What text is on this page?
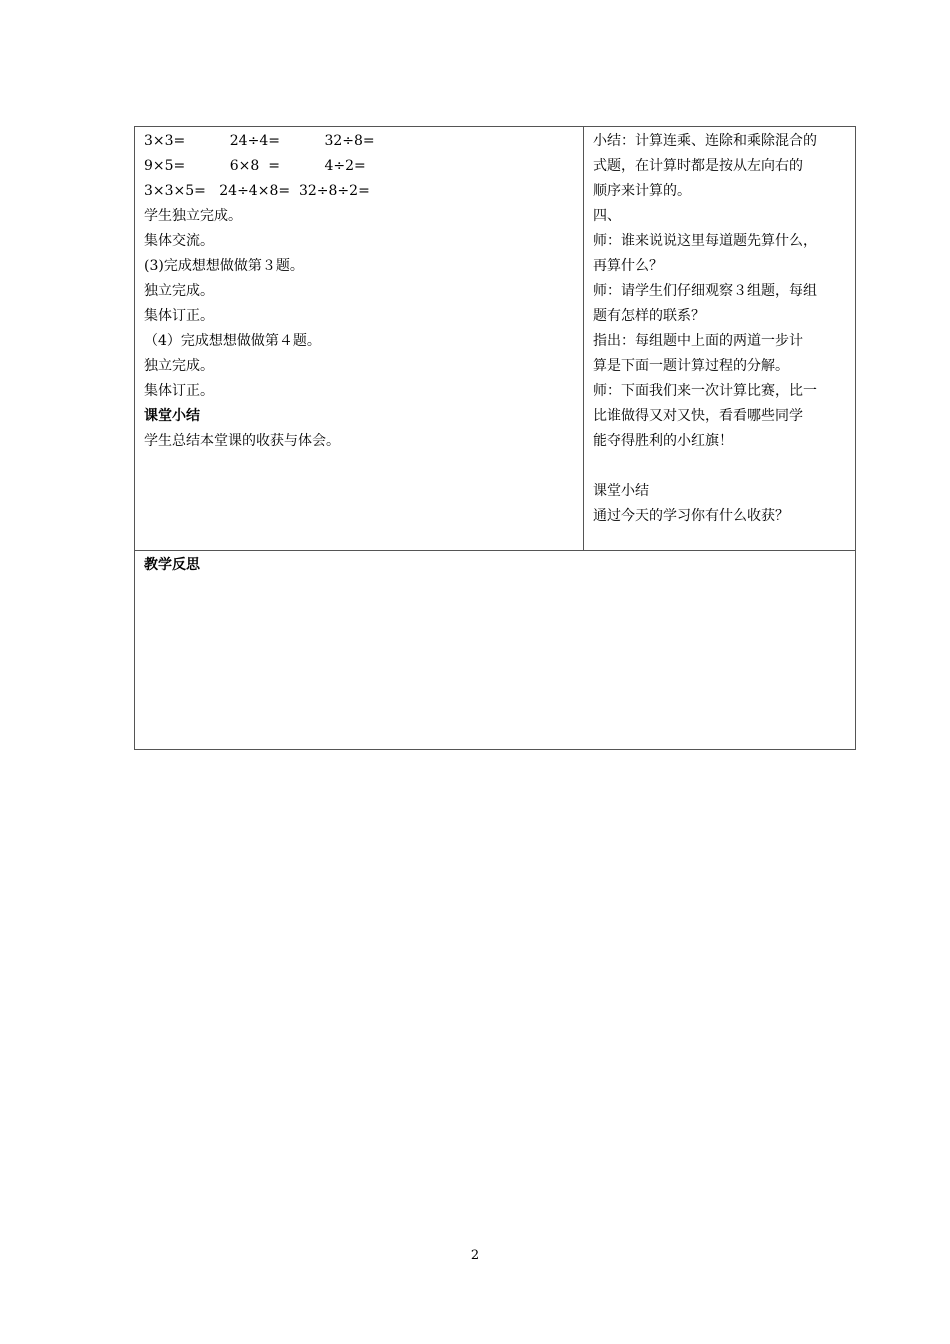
3×3=          24÷4=          32÷8=
9×5=          6×8  =          4÷2=
3×3×5=   24÷4×8=  32÷8÷2=
学生独立完成。
集体交流。
(3)完成想想做做第３题。
独立完成。
集体订正。
（4）完成想想做做第４题。
独立完成。
集体订正。
课堂小结
学生总结本堂课的收获与体会。
小结：计算连乘、连除和乘除混合的
式题，在计算时都是按从左向右的
顺序来计算的。
四、
师：谁来说说这里每道题先算什么，
再算什么？
师：请学生们仔细观察３组题，每组
题有怎样的联系？
指出：每组题中上面的两道一步计
算是下面一题计算过程的分解。
师：下面我们来一次计算比赛，比一
比谁做得又对又快，看看哪些同学
能夺得胜利的小红旗！
课堂小结
通过今天的学习你有什么收获？
教学反思
2
